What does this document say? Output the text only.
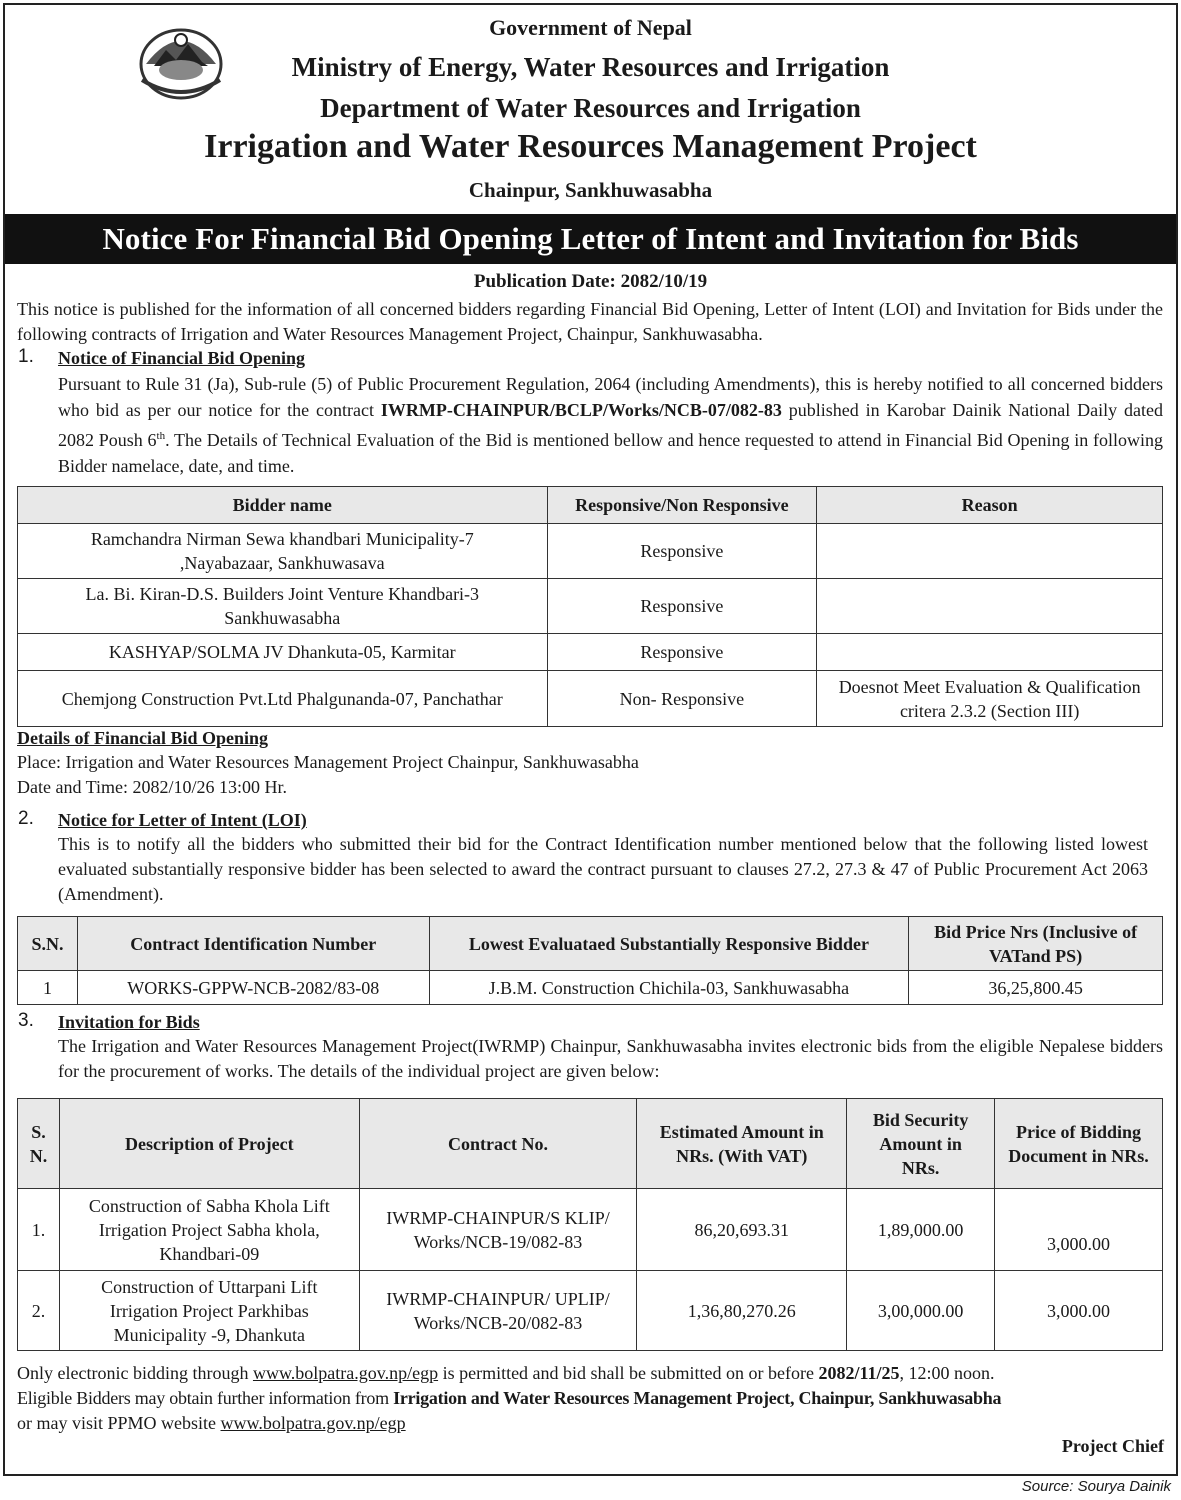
Government of Nepal
Ministry of Energy, Water Resources and Irrigation
Department of Water Resources and Irrigation
Irrigation and Water Resources Management Project
Chainpur, Sankhuwasabha
Notice For Financial Bid Opening Letter of Intent and Invitation for Bids
Publication Date: 2082/10/19
This notice is published for the information of all concerned bidders regarding Financial Bid Opening, Letter of Intent (LOI) and Invitation for Bids under the following contracts of Irrigation and Water Resources Management Project, Chainpur, Sankhuwasabha.
1. Notice of Financial Bid Opening
Pursuant to Rule 31 (Ja), Sub-rule (5) of Public Procurement Regulation, 2064 (including Amendments), this is hereby notified to all concerned bidders who bid as per our notice for the contract IWRMP-CHAINPUR/BCLP/Works/NCB-07/082-83 published in Karobar Dainik National Daily dated 2082 Poush 6th. The Details of Technical Evaluation of the Bid is mentioned bellow and hence requested to attend in Financial Bid Opening in following Bidder namelace, date, and time.
Bidder name	Responsive/Non Responsive	Reason
Ramchandra Nirman Sewa khandbari Municipality-7 ,Nayabazaar, Sankhuwasava	Responsive	
La. Bi. Kiran-D.S. Builders Joint Venture Khandbari-3 Sankhuwasabha	Responsive	
KASHYAP/SOLMA JV Dhankuta-05, Karmitar	Responsive	
Chemjong Construction Pvt.Ltd Phalgunanda-07, Panchathar	Non- Responsive	Doesnot Meet Evaluation & Qualification critera 2.3.2 (Section III)
Details of Financial Bid Opening
Place: Irrigation and Water Resources Management Project Chainpur, Sankhuwasabha
Date and Time: 2082/10/26 13:00 Hr.
2. Notice for Letter of Intent (LOI)
This is to notify all the bidders who submitted their bid for the Contract Identification number mentioned below that the following listed lowest evaluated substantially responsive bidder has been selected to award the contract pursuant to clauses 27.2, 27.3 & 47 of Public Procurement Act 2063 (Amendment).
S.N.	Contract Identification Number	Lowest Evaluataed Substantially Responsive Bidder	Bid Price Nrs (Inclusive of VATand PS)
1	WORKS-GPPW-NCB-2082/83-08	J.B.M. Construction Chichila-03, Sankhuwasabha	36,25,800.45
3. Invitation for Bids
The Irrigation and Water Resources Management Project(IWRMP) Chainpur, Sankhuwasabha invites electronic bids from the eligible Nepalese bidders for the procurement of works. The details of the individual project are given below:
S. N.	Description of Project	Contract No.	Estimated Amount in NRs. (With VAT)	Bid Security Amount in NRs.	Price of Bidding Document in NRs.
1.	Construction of Sabha Khola Lift Irrigation Project Sabha khola, Khandbari-09	IWRMP-CHAINPUR/S KLIP/ Works/NCB-19/082-83	86,20,693.31	1,89,000.00	3,000.00
2.	Construction of Uttarpani Lift Irrigation Project Parkhibas Municipality -9, Dhankuta	IWRMP-CHAINPUR/ UPLIP/ Works/NCB-20/082-83	1,36,80,270.26	3,00,000.00	3,000.00
Only electronic bidding through www.bolpatra.gov.np/egp is permitted and bid shall be submitted on or before 2082/11/25, 12:00 noon.
Eligible Bidders may obtain further information from Irrigation and Water Resources Management Project, Chainpur, Sankhuwasabha
or may visit PPMO website www.bolpatra.gov.np/egp
Project Chief
Source: Sourya Dainik
